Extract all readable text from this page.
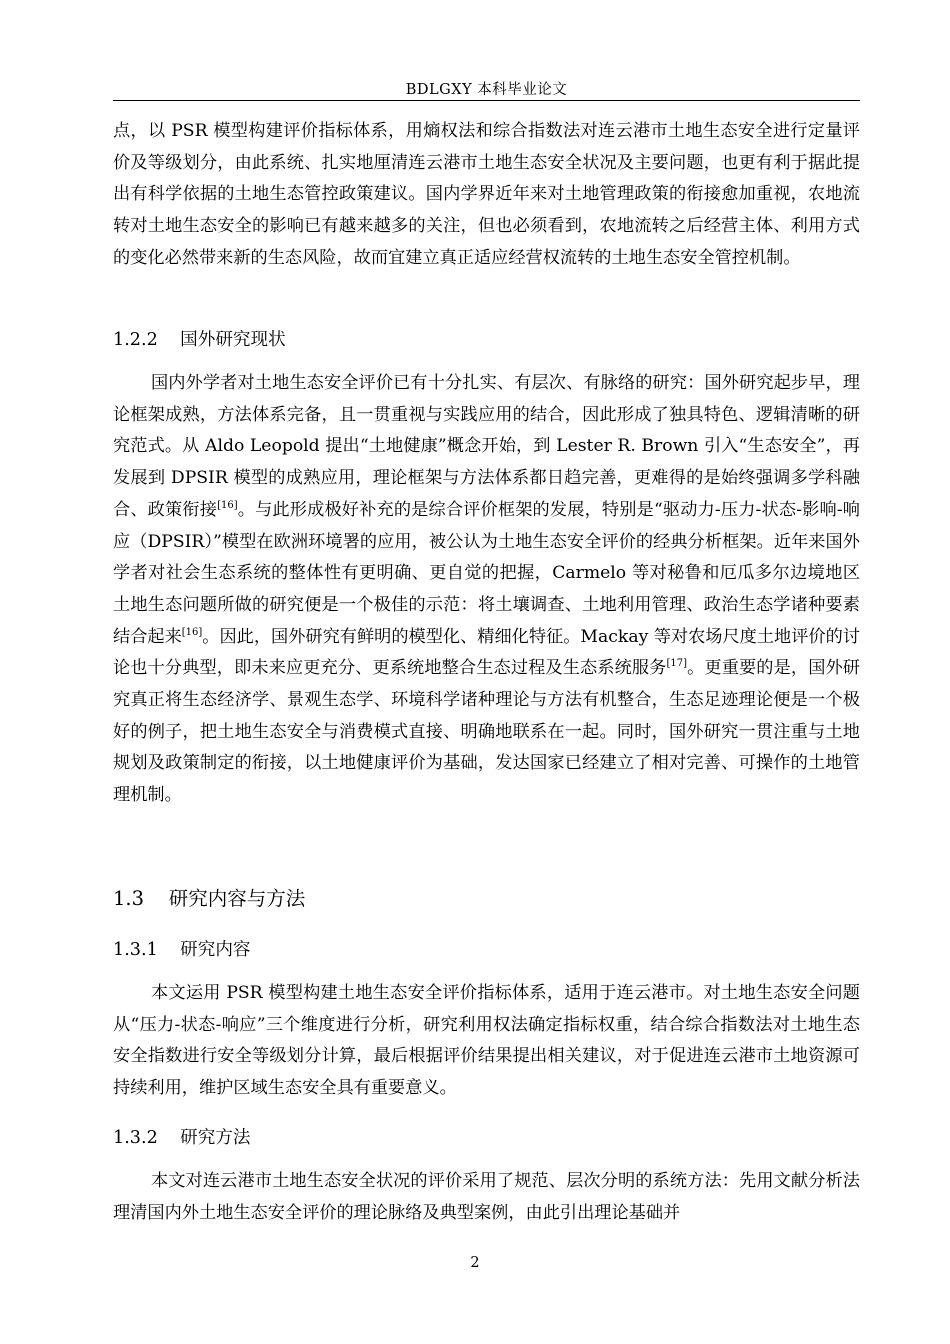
BDLGXY 本科毕业论文

点，以 PSR 模型构建评价指标体系，用熵权法和综合指数法对连云港市土地生态安全进行定量评价及等级划分，由此系统、扎实地厘清连云港市土地生态安全状况及主要问题，也更有利于据此提出有科学依据的土地生态管控政策建议。国内学界近年来对土地管理政策的衔接愈加重视，农地流转对土地生态安全的影响已有越来越多的关注，但也必须看到，农地流转之后经营主体、利用方式的变化必然带来新的生态风险，故而宜建立真正适应经营权流转的土地生态安全管控机制。

1.2.2    国外研究现状

国内外学者对土地生态安全评价已有十分扎实、有层次、有脉络的研究：国外研究起步早，理论框架成熟，方法体系完备，且一贯重视与实践应用的结合，因此形成了独具特色、逻辑清晰的研究范式。从 Aldo Leopold 提出“土地健康”概念开始，到 Lester R. Brown 引入“生态安全”，再发展到 DPSIR 模型的成熟应用，理论框架与方法体系都日趋完善，更难得的是始终强调多学科融合、政策衔接[16]。与此形成极好补充的是综合评价框架的发展，特别是“驱动力-压力-状态-影响-响应（DPSIR）”模型在欧洲环境署的应用，被公认为土地生态安全评价的经典分析框架。近年来国外学者对社会生态系统的整体性有更明确、更自觉的把握，Carmelo 等对秘鲁和厄瓜多尔边境地区土地生态问题所做的研究便是一个极佳的示范：将土壤调查、土地利用管理、政治生态学诸种要素结合起来[16]。因此，国外研究有鲜明的模型化、精细化特征。Mackay 等对农场尺度土地评价的讨论也十分典型，即未来应更充分、更系统地整合生态过程及生态系统服务[17]。更重要的是，国外研究真正将生态经济学、景观生态学、环境科学诸种理论与方法有机整合，生态足迹理论便是一个极好的例子，把土地生态安全与消费模式直接、明确地联系在一起。同时，国外研究一贯注重与土地规划及政策制定的衔接，以土地健康评价为基础，发达国家已经建立了相对完善、可操作的土地管理机制。

1.3    研究内容与方法

1.3.1    研究内容

本文运用 PSR 模型构建土地生态安全评价指标体系，适用于连云港市。对土地生态安全问题从“压力-状态-响应”三个维度进行分析，研究利用权法确定指标权重，结合综合指数法对土地生态安全指数进行安全等级划分计算，最后根据评价结果提出相关建议，对于促进连云港市土地资源可持续利用，维护区域生态安全具有重要意义。

1.3.2    研究方法

本文对连云港市土地生态安全状况的评价采用了规范、层次分明的系统方法：先用文献分析法理清国内外土地生态安全评价的理论脉络及典型案例，由此引出理论基础并

2
